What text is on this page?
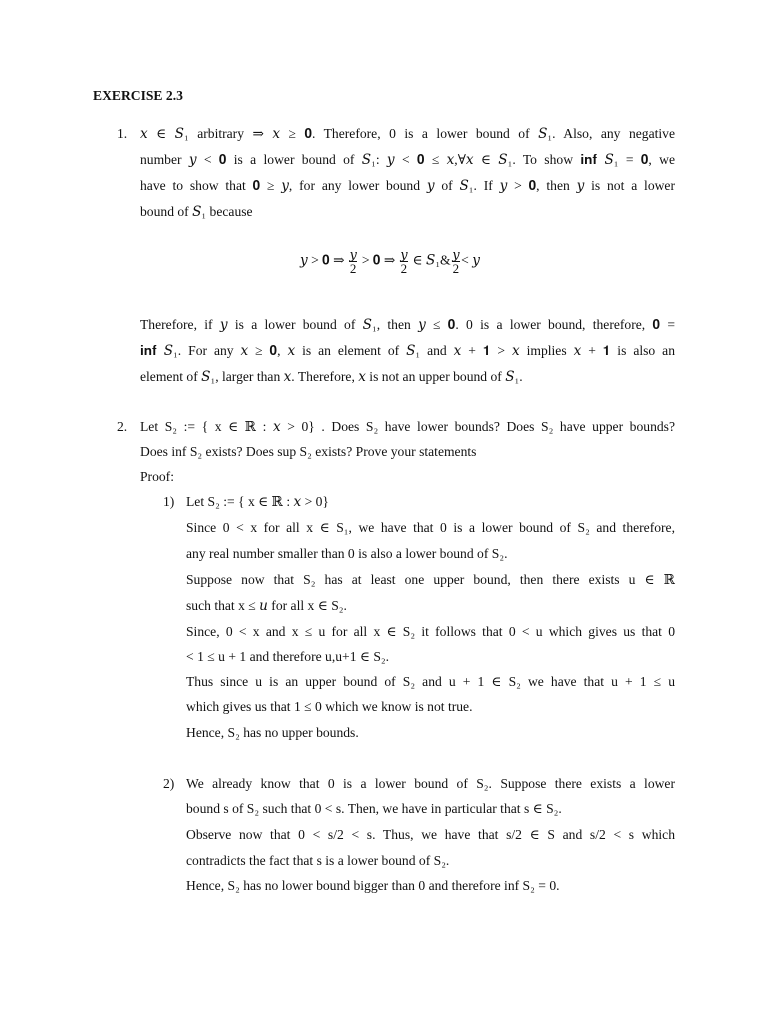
EXERCISE 2.3
1. 𝑥 ∈ 𝑆₁ arbitrary ⇒ 𝑥 ≥ 𝟎. Therefore, 0 is a lower bound of 𝑆₁. Also, any negative
number 𝑦 < 𝟎 is a lower bound of 𝑆₁: 𝑦 < 𝟎 ≤ 𝑥,∀𝑥 ∈ 𝑆₁. To show 𝐢𝐧𝐟 𝑆₁ = 𝟎, we
have to show that 𝟎 ≥ 𝑦, for any lower bound 𝑦 of 𝑆₁. If 𝑦 > 𝟎, then 𝑦 is not a lower
bound of 𝑆₁ because
𝑦 > 𝟎 ⇒ $\frac{\text{𝑦}}{2}$ > 𝟎 ⇒ $\frac{\text{𝑦}}{2}$ ∈ 𝑆₁& $\frac{\text{𝑦}}{2}$ < 𝑦
Therefore, if 𝑦 is a lower bound of 𝑆₁, then 𝑦 ≤ 𝟎. 0 is a lower bound, therefore, 𝟎 =
𝐢𝐧𝐟 𝑆₁. For any 𝑥 ≥ 𝟎, 𝑥 is an element of 𝑆₁ and 𝑥 + 𝟏 > 𝑥 implies 𝑥 + 𝟏 is also an
element of 𝑆₁, larger than 𝑥. Therefore, 𝑥 is not an upper bound of 𝑆₁.
2. Let S₂ := { x ∈ ℝ : 𝑥 > 0} . Does S₂ have lower bounds? Does S₂ have upper bounds?
Does inf S₂ exists? Does sup S₂ exists? Prove your statements
Proof:
1) Let S₂ := { x ∈ ℝ : 𝑥 > 0}
Since 0 < x for all x ∈ S₁, we have that 0 is a lower bound of S₂ and therefore,
any real number smaller than 0 is also a lower bound of S₂.
Suppose now that S₂ has at least one upper bound, then there exists u ∈ ℝ
such that x ≤ 𝑢 for all x ∈ S₂.
Since, 0 < x and x ≤ u for all x ∈ S₂ it follows that 0 < u which gives us that 0
< 1 ≤ u + 1 and therefore u,u+1 ∈ S₂.
Thus since u is an upper bound of S₂ and u + 1 ∈ S₂ we have that u + 1 ≤ u
which gives us that 1 ≤ 0 which we know is not true.
Hence, S₂ has no upper bounds.
2) We already know that 0 is a lower bound of S₂. Suppose there exists a lower
bound s of S₂ such that 0 < s. Then, we have in particular that s ∈ S₂.
Observe now that 0 < s/2 < s. Thus, we have that s/2 ∈ S and s/2 < s which
contradicts the fact that s is a lower bound of S₂.
Hence, S₂ has no lower bound bigger than 0 and therefore inf S₂ = 0.
